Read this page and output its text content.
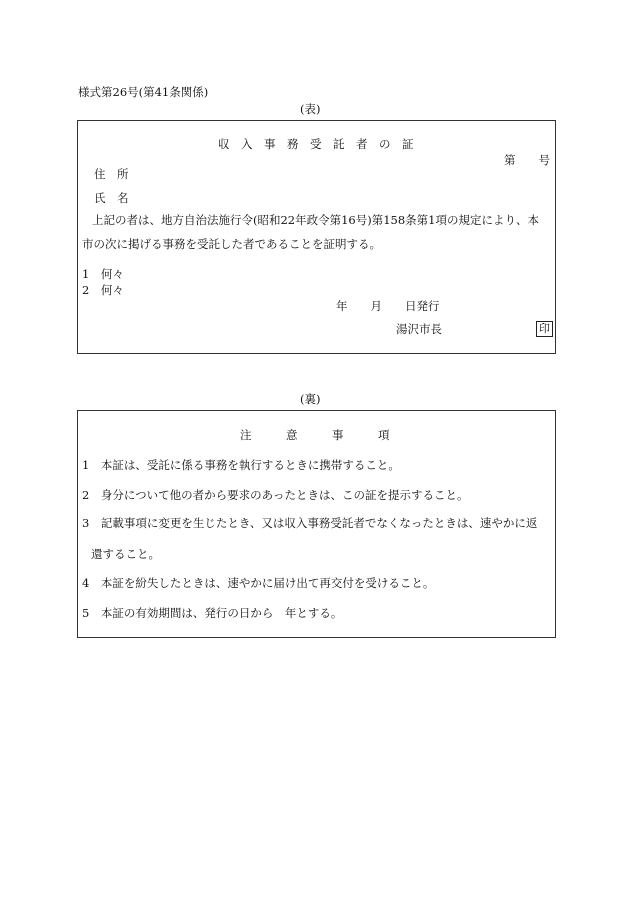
様式第26号(第41条関係)
(表)
収　入　事　務　受　託　者　の　証
第　　号
住　所
氏　名
上記の者は、地方自治法施行令(昭和22年政令第16号)第158条第1項の規定により、本
市の次に掲げる事務を受託した者であることを証明する。
1　何々
2　何々
年　　月　　日発行
湯沢市長	印
(裏)
注　　　意　　　事　　　項
1　本証は、受託に係る事務を執行するときに携帯すること。
2　身分について他の者から要求のあったときは、この証を提示すること。
3　記載事項に変更を生じたとき、又は収入事務受託者でなくなったときは、速やかに返
還すること。
4　本証を紛失したときは、速やかに届け出て再交付を受けること。
5　本証の有効期間は、発行の日から　年とする。
